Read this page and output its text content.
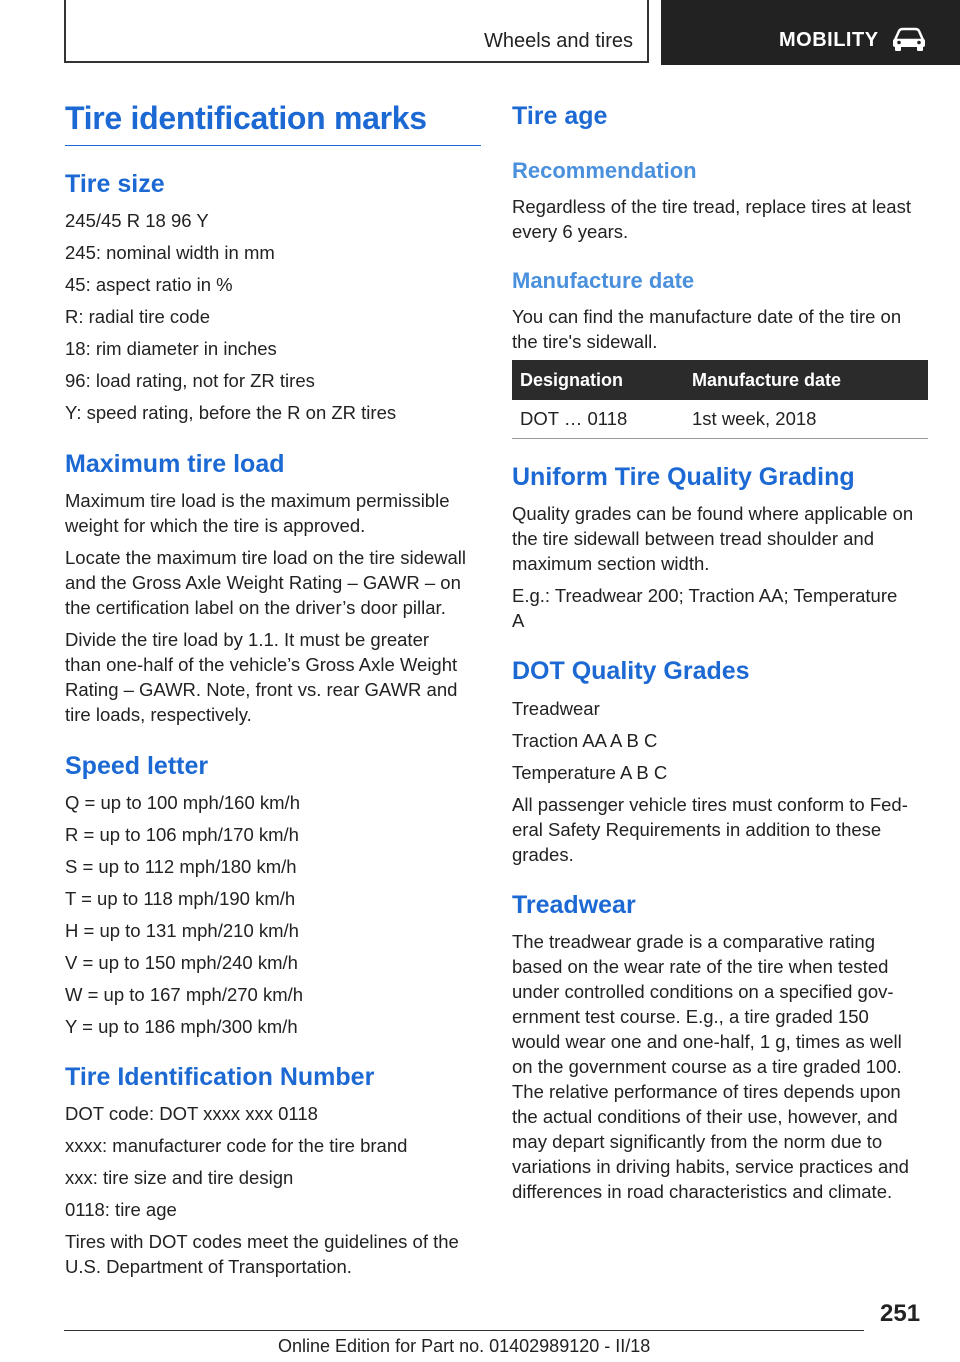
Wheels and tires	MOBILITY
Tire identification marks
Tire size

245/45 R 18 96 Y

245: nominal width in mm

45: aspect ratio in %

R: radial tire code

18: rim diameter in inches

96: load rating, not for ZR tires

Y: speed rating, before the R on ZR tires

Maximum tire load

Maximum tire load is the maximum permissible

weight for which the tire is approved.

Locate the maximum tire load on the tire sidewall

and the Gross Axle Weight Rating – GAWR – on

the certification label on the driver’s door pillar.

Divide the tire load by 1.1. It must be greater

than one-half of the vehicle’s Gross Axle Weight

Rating – GAWR. Note, front vs. rear GAWR and

tire loads, respectively.

Speed letter

Q = up to 100 mph/160 km/h

R = up to 106 mph/170 km/h

S = up to 112 mph/180 km/h

T = up to 118 mph/190 km/h

H = up to 131 mph/210 km/h

V = up to 150 mph/240 km/h

W = up to 167 mph/270 km/h

Y = up to 186 mph/300 km/h

Tire Identification Number

DOT code: DOT xxxx xxx 0118

xxxx: manufacturer code for the tire brand

xxx: tire size and tire design

0118: tire age

Tires with DOT codes meet the guidelines of the

U.S. Department of Transportation.

Tire age
Recommendation

Regardless of the tire tread, replace tires at least

every 6 years.

Manufacture date

You can find the manufacture date of the tire on

the tire's sidewall.

Designation	Manufacture date
DOT … 0118	1st week, 2018
Uniform Tire Quality Grading

Quality grades can be found where applicable on

the tire sidewall between tread shoulder and

maximum section width.

E.g.: Treadwear 200; Traction AA; Temperature

A

DOT Quality Grades

Treadwear

Traction AA A B C

Temperature A B C

All passenger vehicle tires must conform to Fed‐

eral Safety Requirements in addition to these

grades.

Treadwear

The treadwear grade is a comparative rating

based on the wear rate of the tire when tested

under controlled conditions on a specified gov‐

ernment test course. E.g., a tire graded 150

would wear one and one-half, 1 g, times as well

on the government course as a tire graded 100.

The relative performance of tires depends upon

the actual conditions of their use, however, and

may depart significantly from the norm due to

variations in driving habits, service practices and

differences in road characteristics and climate.

251
Online Edition for Part no. 01402989120 - II/18
